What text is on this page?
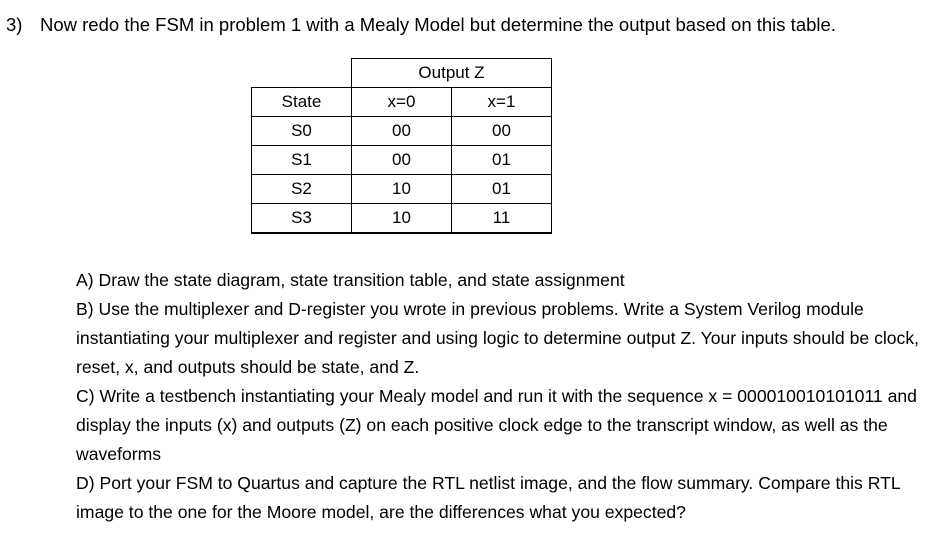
3) Now redo the FSM in problem 1 with a Mealy Model but determine the output based on this table.
	Output Z	
State	x=0	x=1
S0	00	00
S1	00	01
S2	10	01
S3	10	11

A) Draw the state diagram, state transition table, and state assignment

B) Use the multiplexer and D-register you wrote in previous problems. Write a System Verilog module instantiating your multiplexer and register and using logic to determine output Z. Your inputs should be clock, reset, x, and outputs should be state, and Z.

C) Write a testbench instantiating your Mealy model and run it with the sequence x = 000010010101011 and display the inputs (x) and outputs (Z) on each positive clock edge to the transcript window, as well as the waveforms

D) Port your FSM to Quartus and capture the RTL netlist image, and the flow summary. Compare this RTL image to the one for the Moore model, are the differences what you expected?
